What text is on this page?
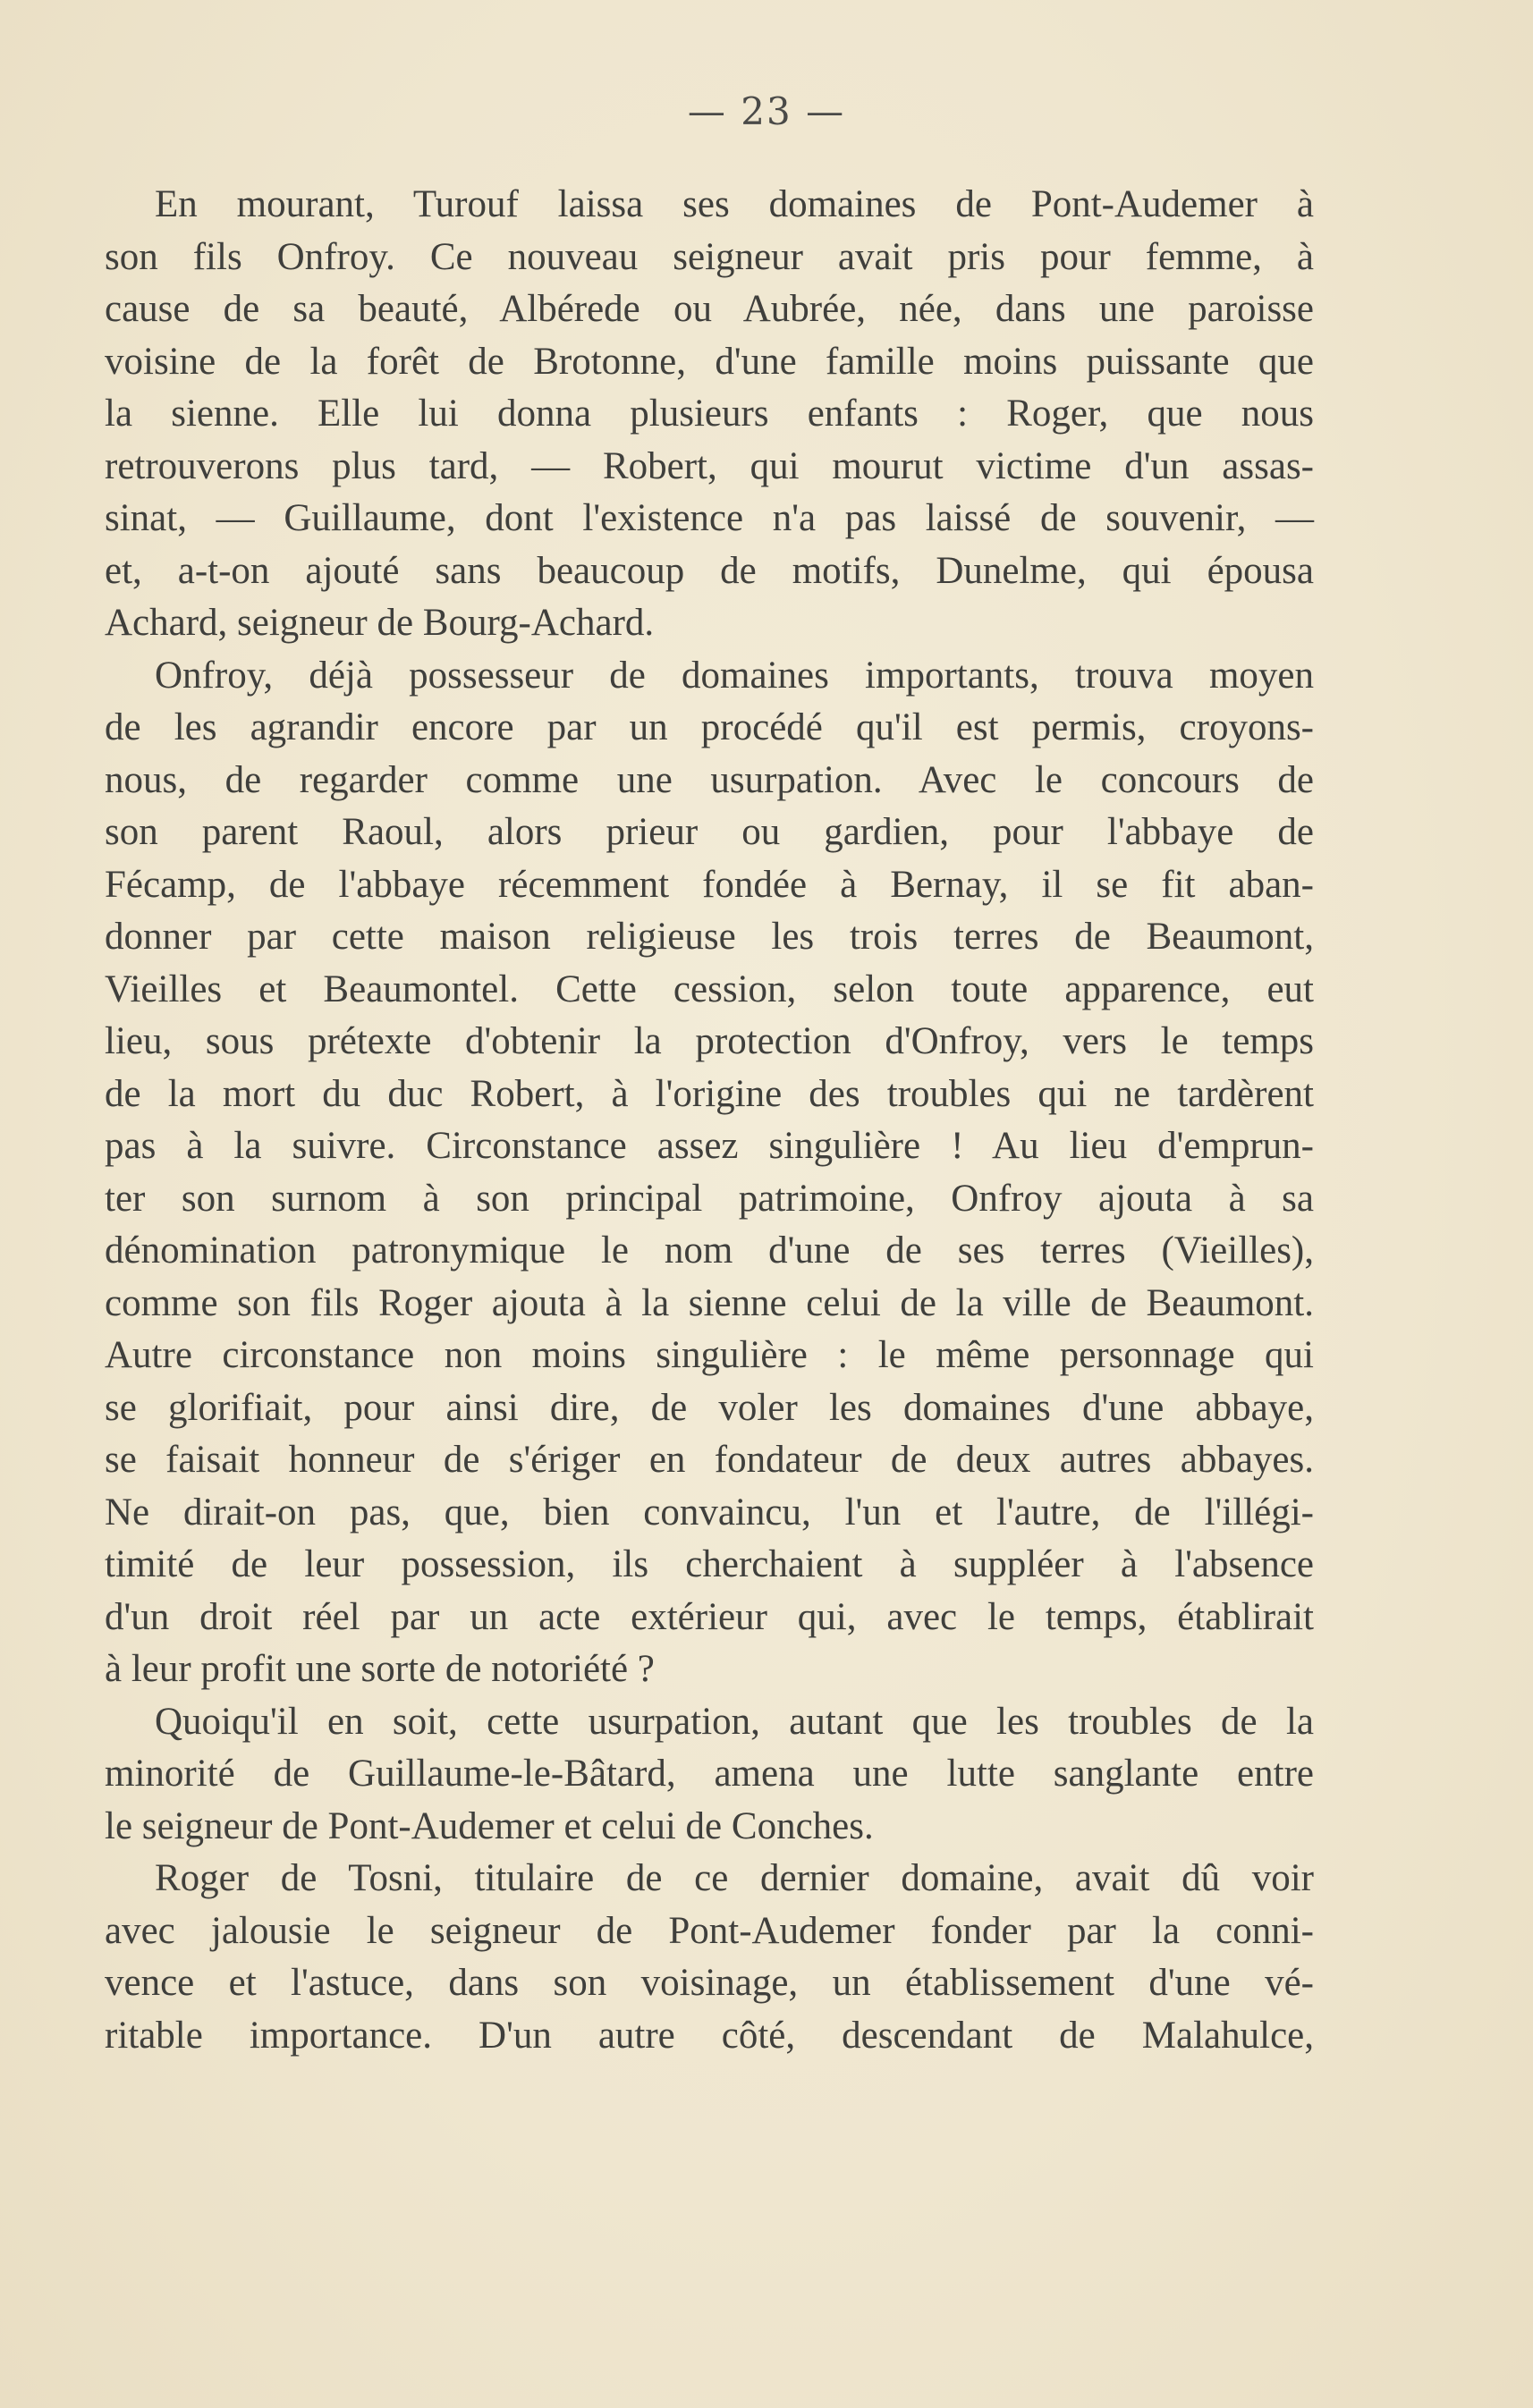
— 23 —
En mourant, Turouf laissa ses domaines de Pont-Audemer à
son fils Onfroy. Ce nouveau seigneur avait pris pour femme, à
cause de sa beauté, Albérede ou Aubrée, née, dans une paroisse
voisine de la forêt de Brotonne, d'une famille moins puissante que
la sienne. Elle lui donna plusieurs enfants : Roger, que nous
retrouverons plus tard, — Robert, qui mourut victime d'un assas-
sinat, — Guillaume, dont l'existence n'a pas laissé de souvenir, —
et, a-t-on ajouté sans beaucoup de motifs, Dunelme, qui épousa
Achard, seigneur de Bourg-Achard.
Onfroy, déjà possesseur de domaines importants, trouva moyen
de les agrandir encore par un procédé qu'il est permis, croyons-
nous, de regarder comme une usurpation. Avec le concours de
son parent Raoul, alors prieur ou gardien, pour l'abbaye de
Fécamp, de l'abbaye récemment fondée à Bernay, il se fit aban-
donner par cette maison religieuse les trois terres de Beaumont,
Vieilles et Beaumontel. Cette cession, selon toute apparence, eut
lieu, sous prétexte d'obtenir la protection d'Onfroy, vers le temps
de la mort du duc Robert, à l'origine des troubles qui ne tardèrent
pas à la suivre. Circonstance assez singulière ! Au lieu d'emprun-
ter son surnom à son principal patrimoine, Onfroy ajouta à sa
dénomination patronymique le nom d'une de ses terres (Vieilles),
comme son fils Roger ajouta à la sienne celui de la ville de Beaumont.
Autre circonstance non moins singulière : le même personnage qui
se glorifiait, pour ainsi dire, de voler les domaines d'une abbaye,
se faisait honneur de s'ériger en fondateur de deux autres abbayes.
Ne dirait-on pas, que, bien convaincu, l'un et l'autre, de l'illégi-
timité de leur possession, ils cherchaient à suppléer à l'absence
d'un droit réel par un acte extérieur qui, avec le temps, établirait
à leur profit une sorte de notoriété ?
Quoiqu'il en soit, cette usurpation, autant que les troubles de la
minorité de Guillaume-le-Bâtard, amena une lutte sanglante entre
le seigneur de Pont-Audemer et celui de Conches.
Roger de Tosni, titulaire de ce dernier domaine, avait dû voir
avec jalousie le seigneur de Pont-Audemer fonder par la conni-
vence et l'astuce, dans son voisinage, un établissement d'une vé-
ritable importance. D'un autre côté, descendant de Malahulce,
